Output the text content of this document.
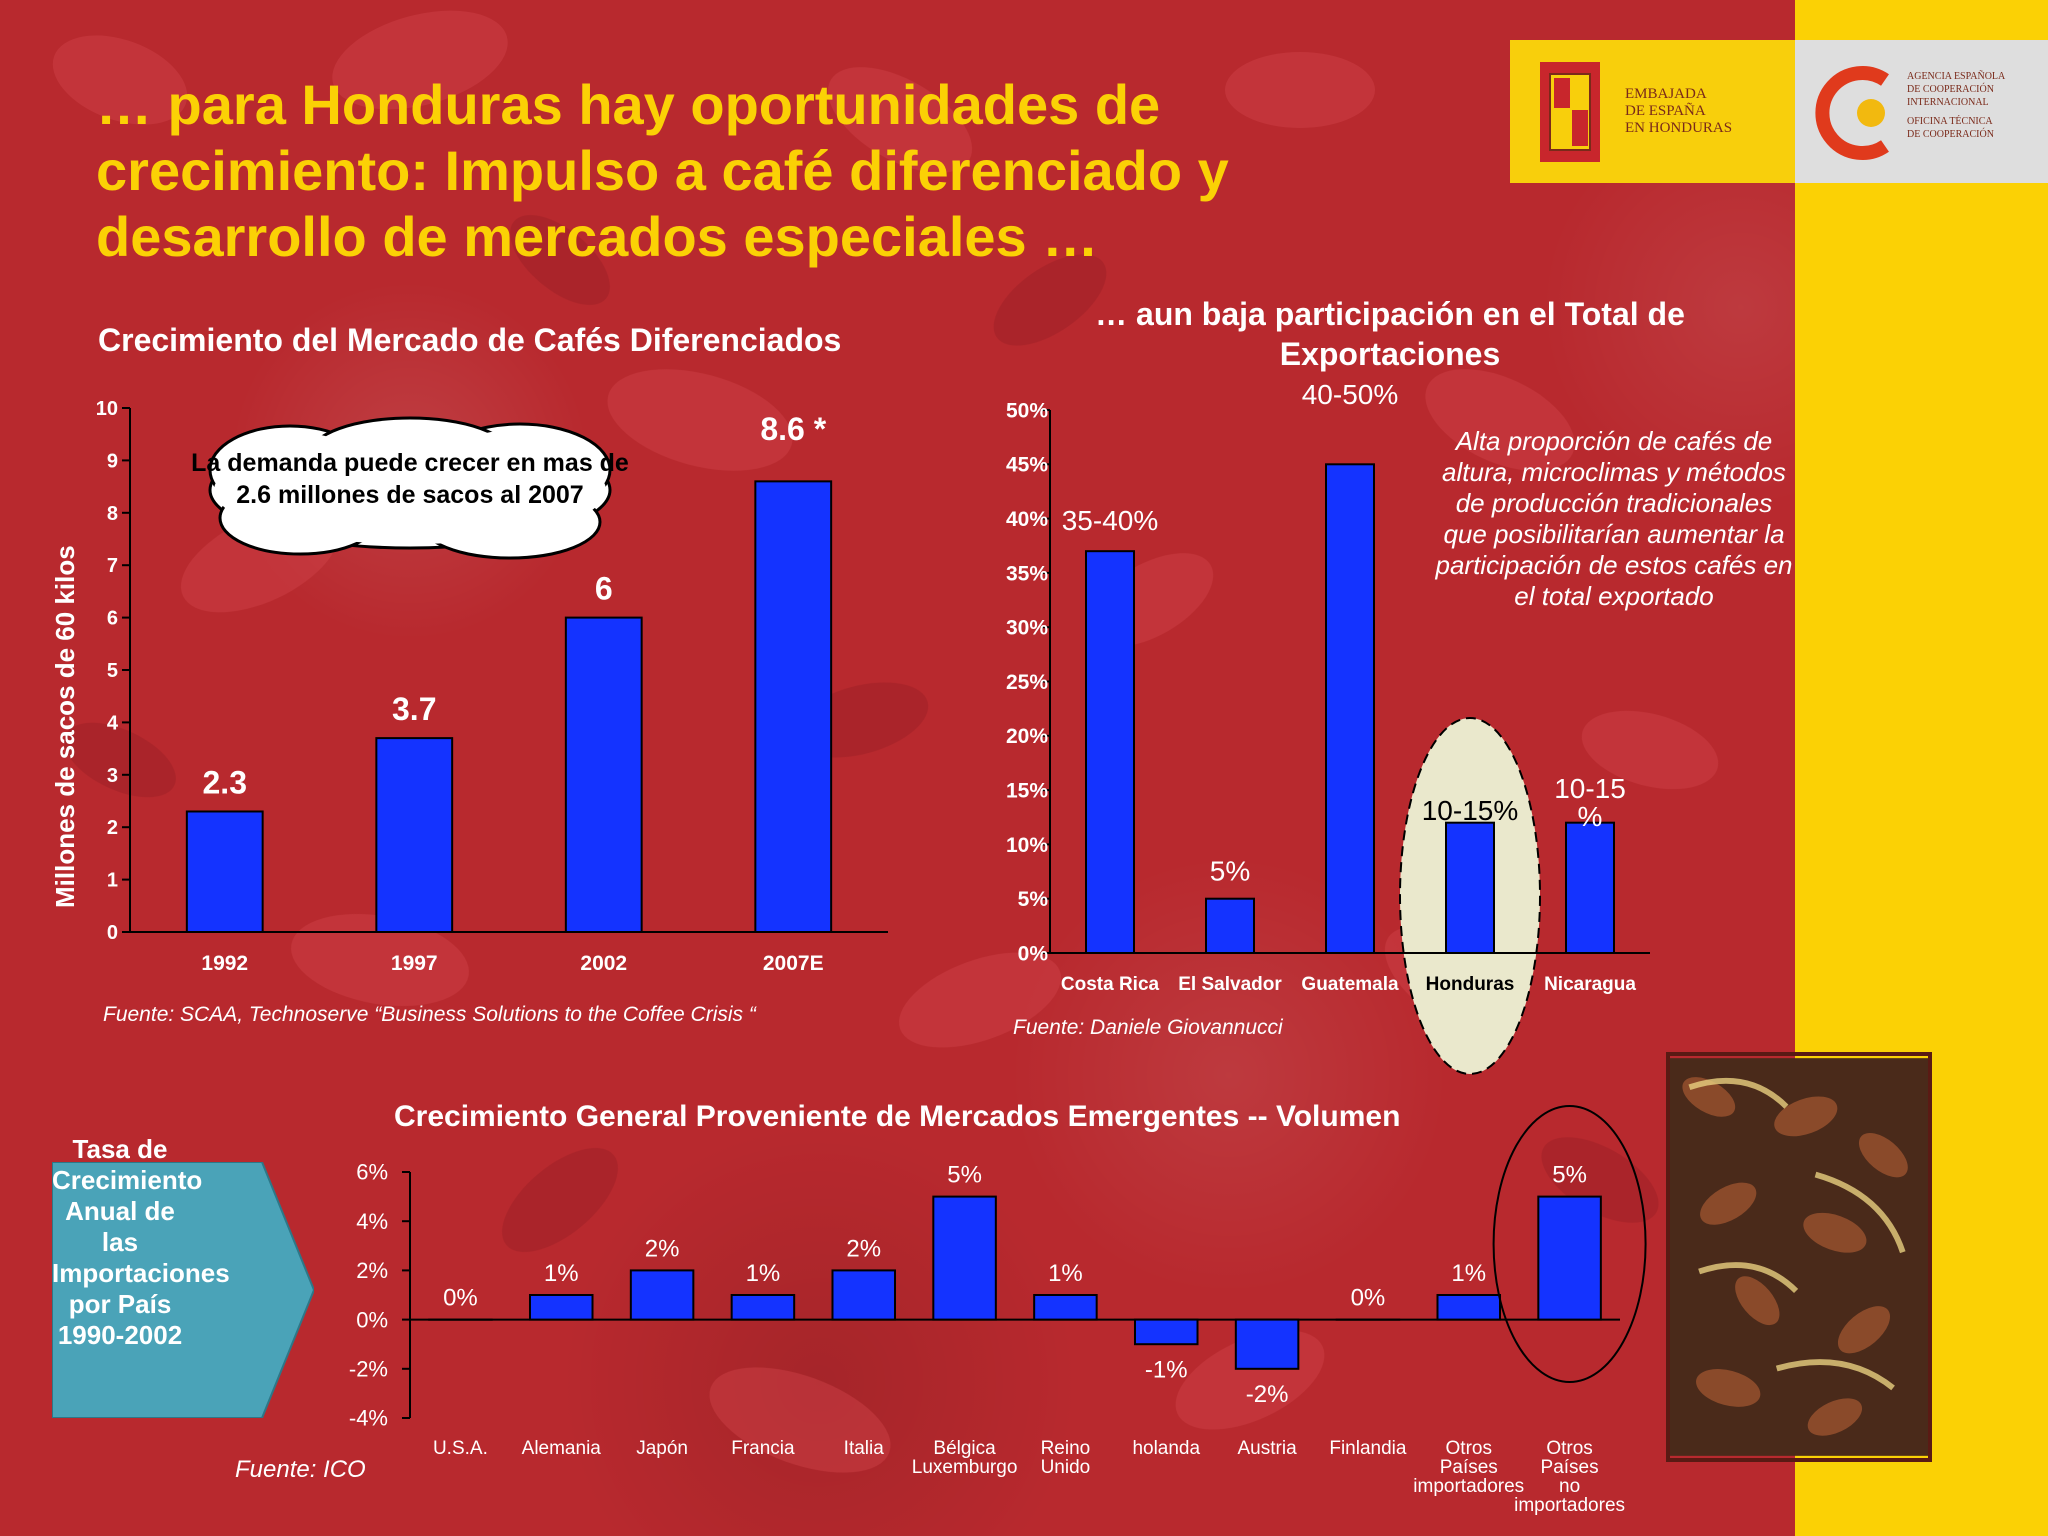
EMBAJADA
DE ESPAÑA
EN HONDURAS
AGENCIA ESPAÑOLA
DE COOPERACIÓN
INTERNACIONAL
OFICINA TÉCNICA
DE COOPERACIÓN
… para Honduras hay oportunidades de crecimiento: Impulso a café diferenciado y desarrollo de mercados especiales …
Crecimiento del Mercado de Cafés Diferenciados
Millones de sacos de 60 kilos
0
1
2
3
4
5
6
7
8
9
10
2.3
1992
3.7
1997
6
2002
8.6 *
2007E
La demanda puede crecer en mas de 2.6 millones de sacos al 2007
Fuente: SCAA, Technoserve “Business Solutions to the Coffee Crisis “
… aun baja participación en el Total de Exportaciones
Alta proporción de cafés de altura, microclimas y métodos de producción tradicionales que posibilitarían aumentar la participación de estos cafés en el total exportado
Fuente: Daniele Giovannucci
Crecimiento General Proveniente de Mercados Emergentes -- Volumen
Tasa de Crecimiento Anual de las Importaciones por País 1990-2002
Fuente: ICO
0%
5%
10%
15%
20%
25%
30%
35%
40%
45%
50%
35-40%
Costa Rica
5%
El Salvador
40-50%
Guatemala
10-15%
Honduras
10-15 %
Nicaragua
-4%
-2%
0%
2%
4%
6%
0%
U.S.A.
1%
Alemania
2%
Japón
1%
Francia
2%
Italia
5%
Bélgica Luxemburgo
1%
Reino Unido
-1%
holanda
-2%
Austria
0%
Finlandia
1%
Otros Países importadores
5%
Otros Países no importadores
